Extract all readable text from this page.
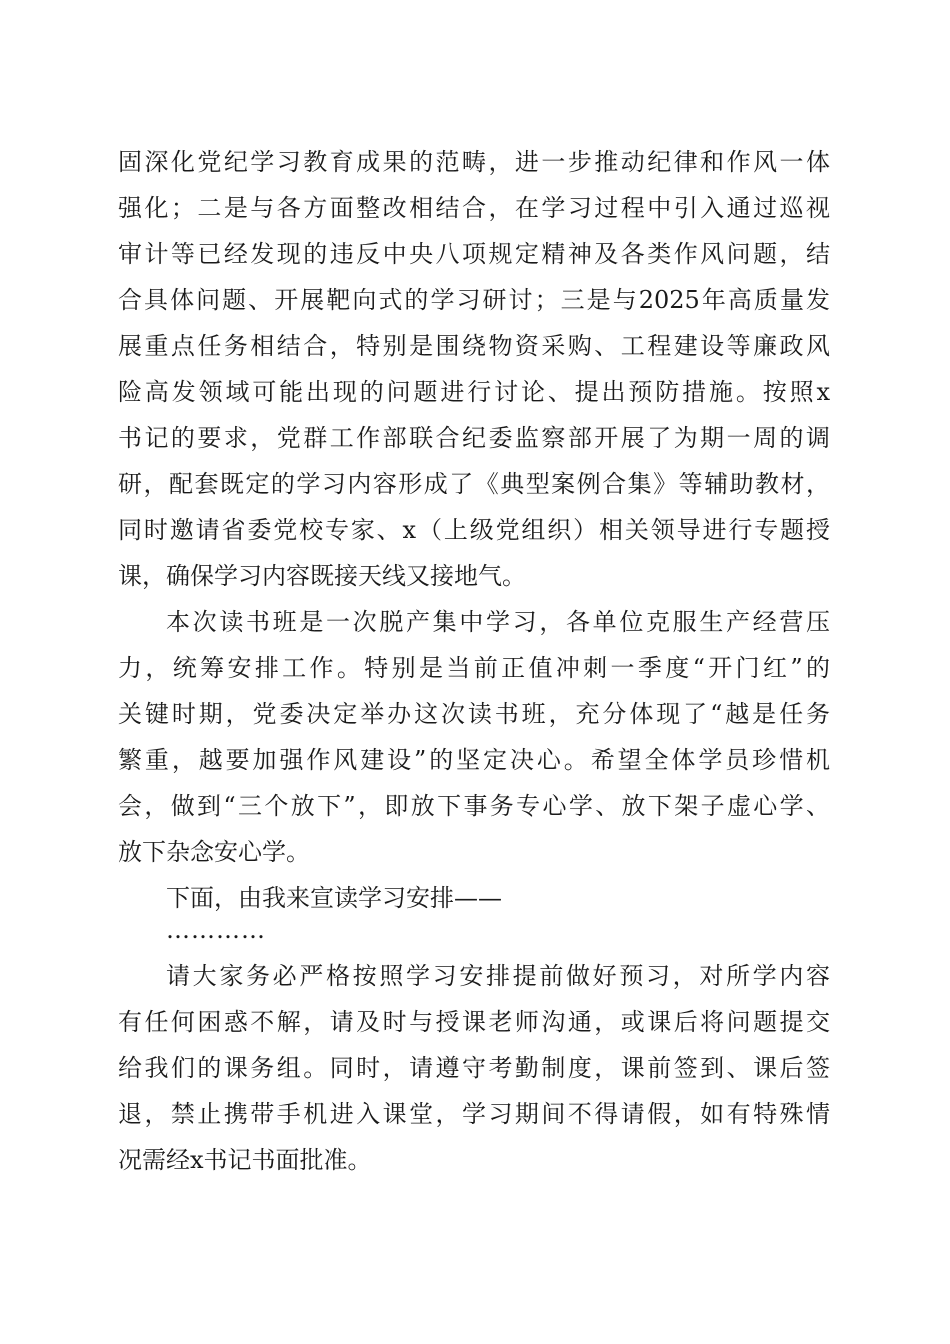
固深化党纪学习教育成果的范畴，进一步推动纪律和作风一体
强化；二是与各方面整改相结合，在学习过程中引入通过巡视
审计等已经发现的违反中央八项规定精神及各类作风问题，结
合具体问题、开展靶向式的学习研讨；三是与2025年高质量发
展重点任务相结合，特别是围绕物资采购、工程建设等廉政风
险高发领域可能出现的问题进行讨论、提出预防措施。按照x
书记的要求，党群工作部联合纪委监察部开展了为期一周的调
研，配套既定的学习内容形成了《典型案例合集》等辅助教材，
同时邀请省委党校专家、x（上级党组织）相关领导进行专题授
课，确保学习内容既接天线又接地气。
本次读书班是一次脱产集中学习，各单位克服生产经营压
力，统筹安排工作。特别是当前正值冲刺一季度“开门红”的
关键时期，党委决定举办这次读书班，充分体现了“越是任务
繁重，越要加强作风建设”的坚定决心。希望全体学员珍惜机
会，做到“三个放下”，即放下事务专心学、放下架子虚心学、
放下杂念安心学。
下面，由我来宣读学习安排——
…………
请大家务必严格按照学习安排提前做好预习，对所学内容
有任何困惑不解，请及时与授课老师沟通，或课后将问题提交
给我们的课务组。同时，请遵守考勤制度，课前签到、课后签
退，禁止携带手机进入课堂，学习期间不得请假，如有特殊情
况需经x书记书面批准。
